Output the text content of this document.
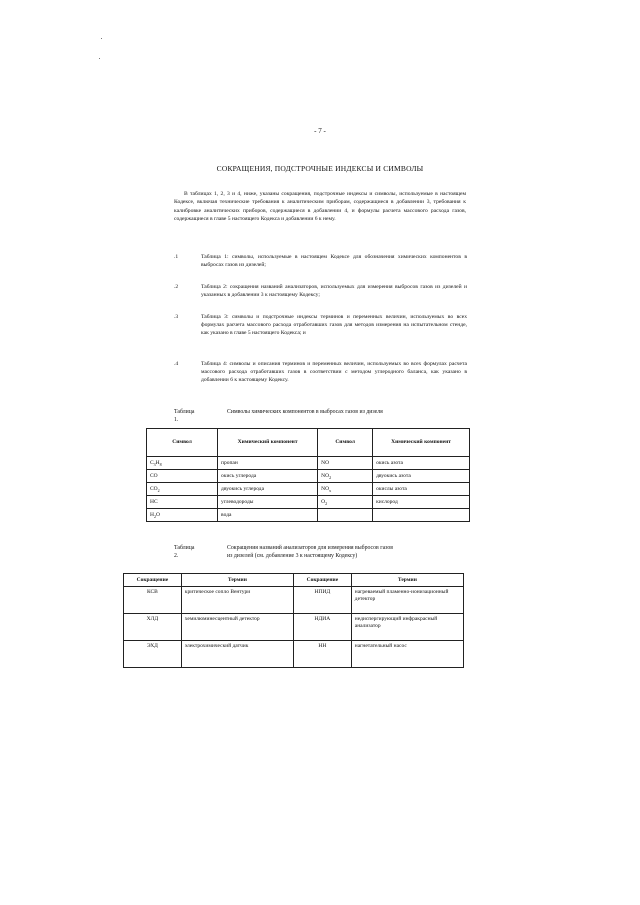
- 7 -
СОКРАЩЕНИЯ, ПОДСТРОЧНЫЕ ИНДЕКСЫ И СИМВОЛЫ
В таблицах 1, 2, 3 и 4, ниже, указаны сокращения, подстрочные индексы и символы, используемые в настоящем Кодексе, включая технические требования к аналитическим приборам, содержащиеся в добавлении 3, требования к калибровке аналитических приборов, содержащиеся в добавлении 4, и формулы расчета массового расхода газов, содержащиеся в главе 5 настоящего Кодекса и добавлении 6 к нему.
.1	Таблица 1: символы, используемые в настоящем Кодексе для обозначения химических компонентов в выбросах газов из дизелей;
.2	Таблица 2: сокращения названий анализаторов, используемых для измерения выбросов газов из дизелей и указанных в добавлении 3 к настоящему Кодексу;
.3	Таблица 3: символы и подстрочные индексы терминов и переменных величин, используемых во всех формулах расчета массового расхода отработавших газов для методов измерения на испытательном стенде, как указано в главе 5 настоящего Кодекса; и
.4	Таблица 4: символы и описания терминов и переменных величин, используемых во всех формулах расчета массового расхода отработавших газов в соответствии с методом углеродного баланса, как указано в добавлении 6 к настоящему Кодексу.
Таблица 1.
Символы химических компонентов в выбросах газов из дизеля
Символ	Химический компонент	Символ	Химический компонент
$C_3H_8$	пропан	NO	окись азота
CO	окись углерода	$NO_2$	двуокись азота
$CO_2$	двуокись углерода	$NO_x$	окислы азота
HC	углеводороды	$O_2$	кислород
$H_2O$	вода		
Таблица 2.
Сокращения названий анализаторов для измерения выбросов газов
из дизелей (см. добавление 3 к настоящему Кодексу)
Сокращение	Термин	Сокращение	Термин
КСВ	критическое сопло Вентури	НПИД	нагреваемый пламенно-ионизационный детектор
ХЛД	хемилюминесцентный детектор	НДИА	недиспергирующий инфракрасный анализатор
ЭХД	электрохимический датчик	НН	нагнетательный насос
